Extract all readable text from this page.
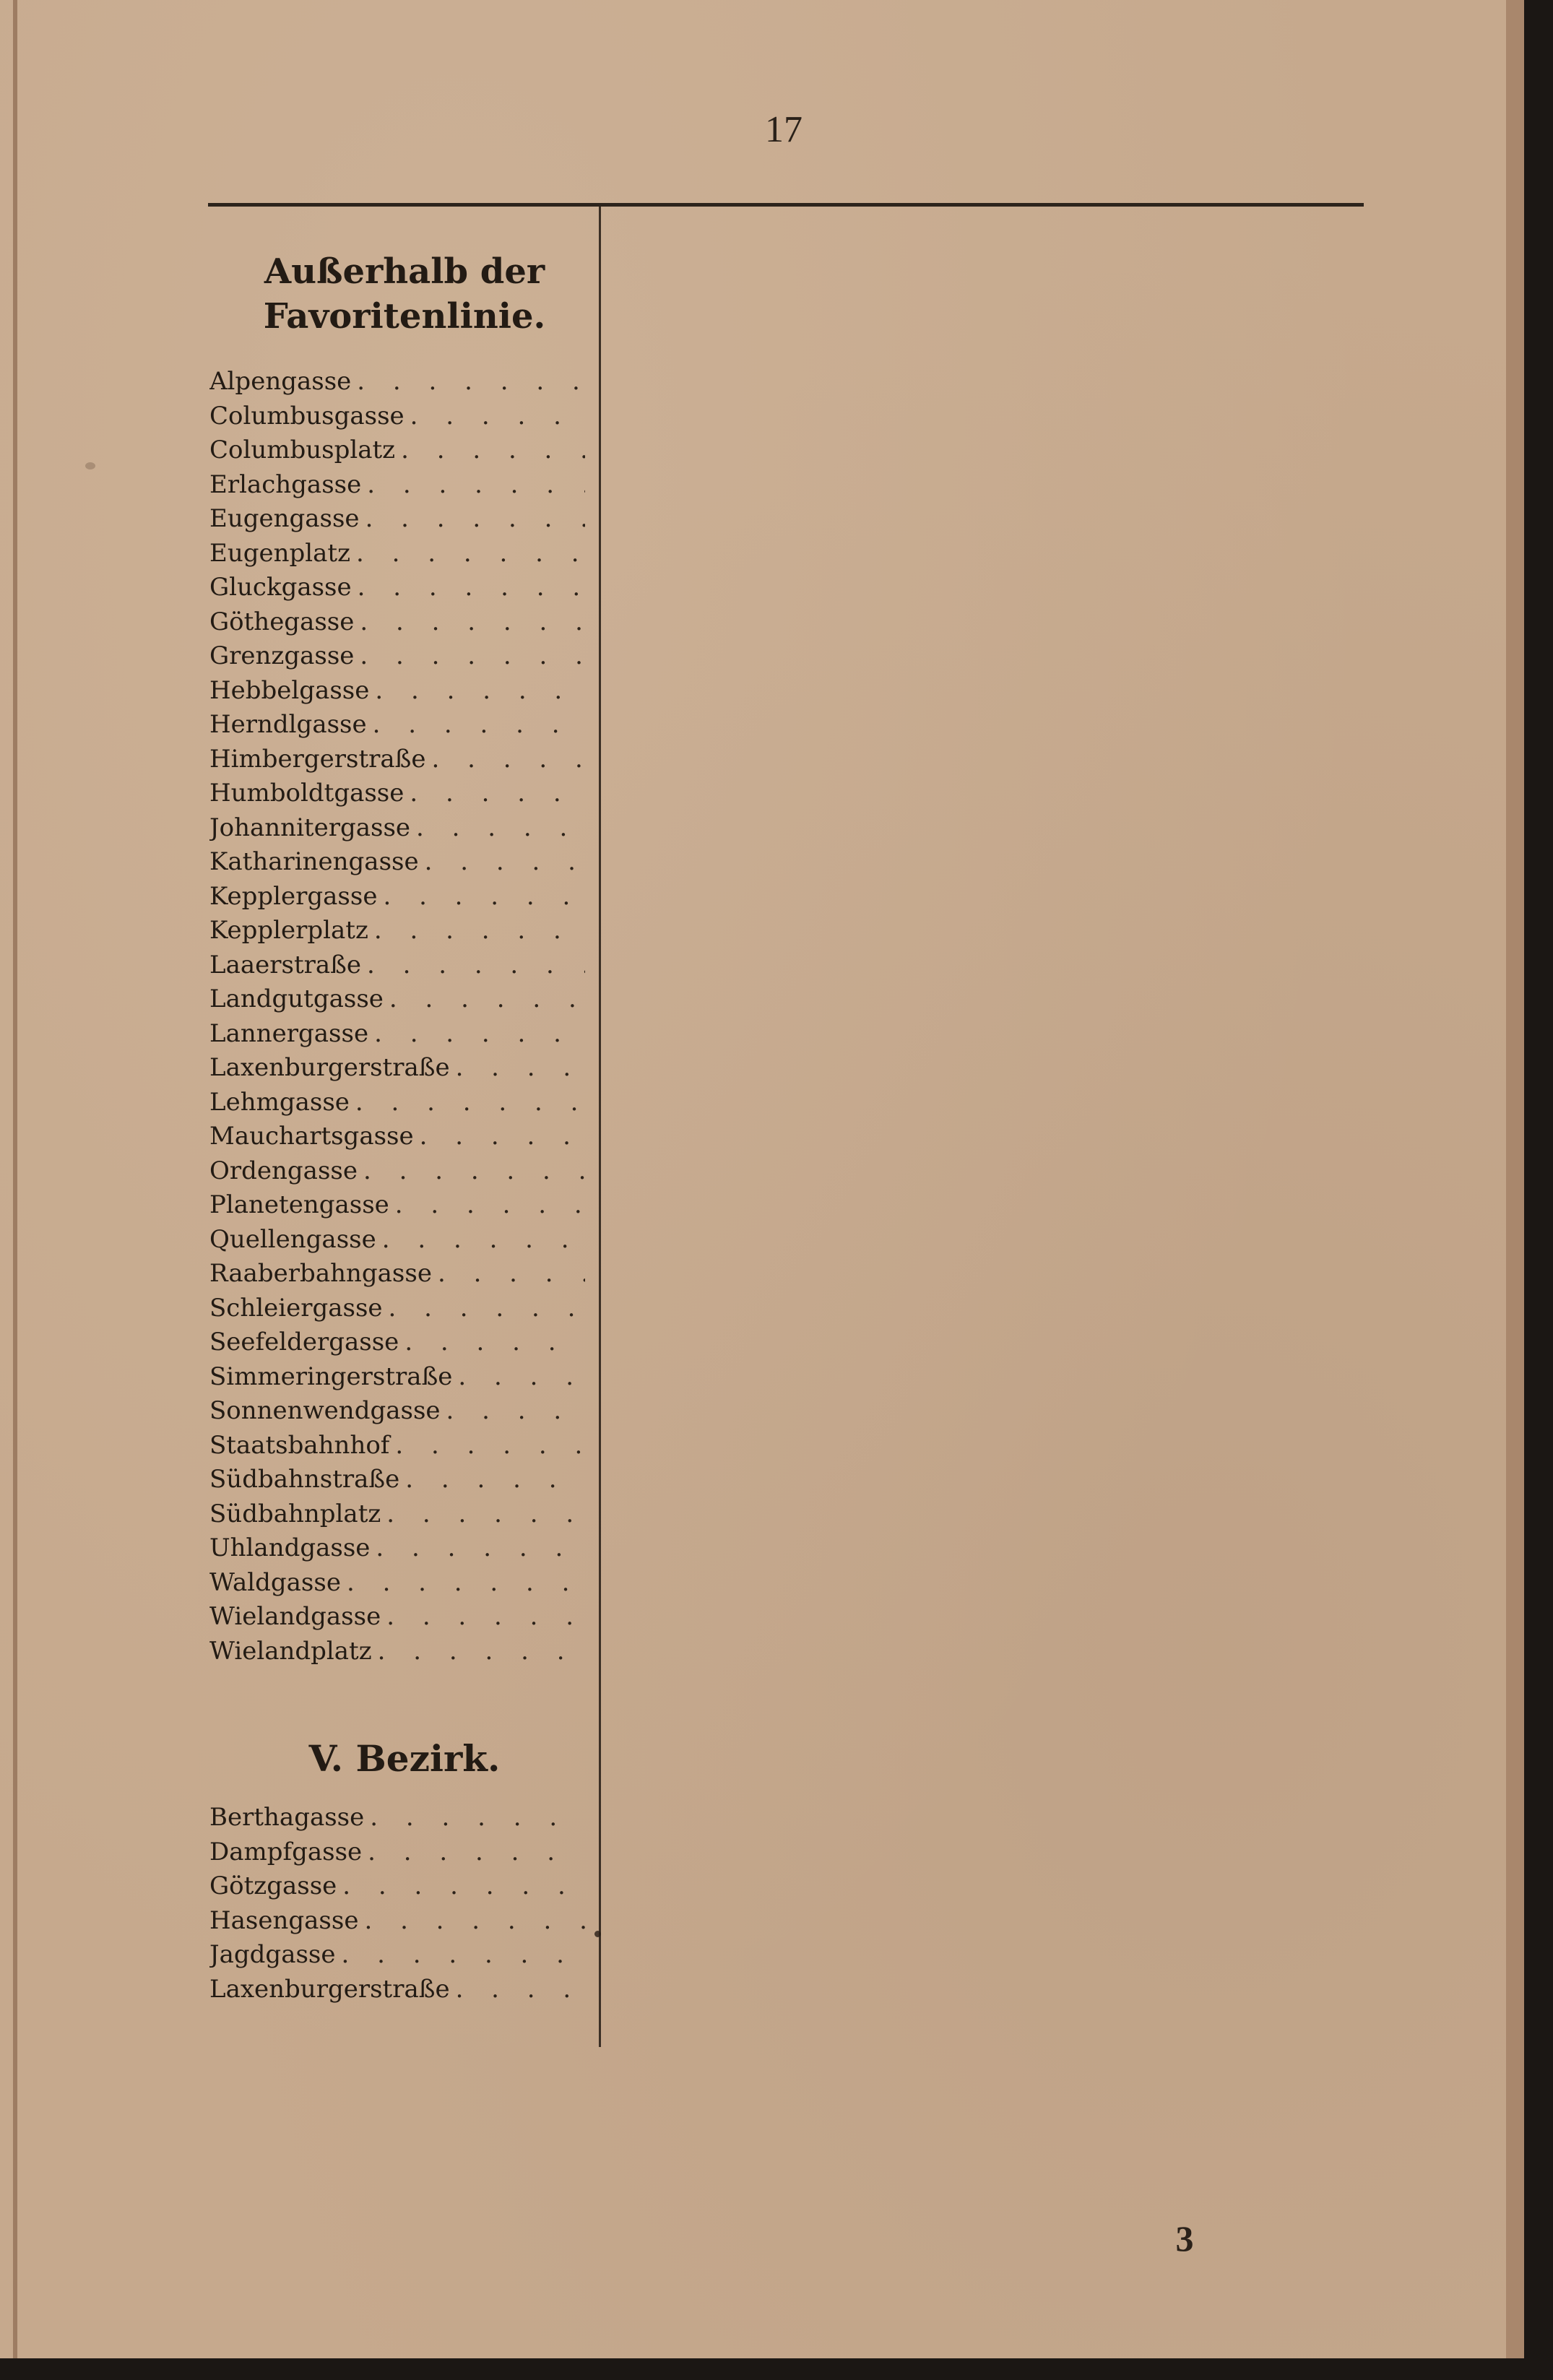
17
Außerhalb der Favoritenlinie.
Alpengasse
. . .
Columbusgasse
. . .
Columbusplatz
. . .
Erlachgasse
. . .
Eugengasse
. . .
Eugenplatz
. . .
Gluckgasse
. . .
Göthegasse
. . .
Grenzgasse
. . .
Hebbelgasse
. . .
Herndlgasse
. . .
Himbergerstraße
. . .
Humboldtgasse
. . .
Johannitergasse
. . .
Katharinengasse
. . .
Kepplergasse
. . .
Kepplerplatz
. . .
Laaerstraße
. . .
Landgutgasse
. . .
Lannergasse
. . .
Laxenburgerstraße
. . .
Lehmgasse
. . .
Mauchartsgasse
. . .
Ordengasse
. . .
Planetengasse
. . .
Quellengasse
. . .
Raaberbahngasse
. . .
Schleiergasse
. . .
Seefeldergasse
. . .
Simmeringerstraße
. . .
Sonnenwendgasse
. . .
Staatsbahnhof
. . .
Südbahnstraße
. . .
Südbahnplatz
. . .
Uhlandgasse
. . .
Waldgasse
. . .
Wielandgasse
. . .
Wielandplatz
. . .
V. Bezirk.
Berthagasse
. . .
Dampfgasse
. . .
Götzgasse
. . .
Hasengasse
. . .
Jagdgasse
. . .
Laxenburgerstraße
. . .
3
